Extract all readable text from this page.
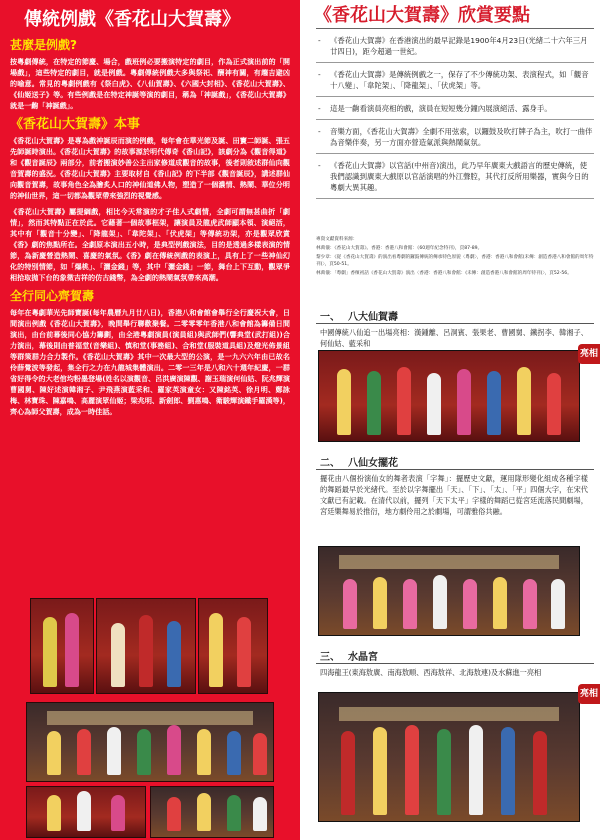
傳統例戲《香花山大賀壽》
甚麼是例戲?
按粵劇傳統，在特定的節慶、場合，戲班例必要搬演特定的劇目，作為正式演出前的「開場戲」，這些特定的劇目，就是例戲。粵劇傳統例戲大多與祭祀、酬神有關，有趨吉避凶的喻意。常見的粵劇例戲有《祭白虎》、《八仙賀壽》、《六國大封相》、《香花山大賀壽》、《仙姬送子》等。有些例戲是在特定神誕等演的劇目，稱為「神誕戲」，《香花山大賀壽》就是一齣「神誕戲」。
《香花山大賀壽》本事
《香花山大賀壽》是專為戲神誕辰而演的例戲，每年會在華光節及誕、田竇二師誕、張五先師誕時演出。《香花山大賀壽》的故事源於明代傳奇《香山記》，該劇分為《觀音得道》和《觀音誕辰》兩部分，前者搬演妙善公主出家修道成觀音的故事，後者則敘述群仙向觀音賀壽的盛況。《香花山大賀壽》主要取材自《香山記》的下半部《觀音誕辰》，講述群仙向觀音賀壽，故事角色全為膾炙人口的神仙道佛人物，塑造了一個濃情、熱鬧、華位分明的神仙世界，這一切都為觀眾帶來強烈的視覺感。
《香花山大賀壽》屬提綱戲，相比今天常演的才子佳人式劇情，全劇可謂無甚曲折「劇情」，然而其特點正在於此。它藉著一個故事框架，讓演員及龍虎武師顯本領、演絕活，其中有「觀音十分變」、「降龍架」、「韋陀架」、「伏虎架」等傳統功架，亦是觀眾欣賞《香》劇的焦點所在。全劇原本演出五小時，是典型例戲演法，目的是透過多樣表演的情節，為新慶營造熱鬧、喜慶的氣氛。《香》劇在傳統例戲的表演上，具有上了一些神仙幻化的特別情節，如「爆桃」、「灑金錢」等，其中「灑金錢」一節，舞台上下互動，觀眾爭相拾取拋下台的象徵吉祥的仿古錢幣，為全劇的熱鬧氣氛帶來高潮。
全行同心齊賀壽
每年在粵劇華光先師寶誕(每年農曆九月廿八日)，香港八和會館會舉行全行慶祝大會，日間演出例戲《香花山大賀壽》，晚間舉行聯歡聚餐。二零零零年香港八和會館為籌備日間演出，由台前幕後同心協力籌劃，由全港粵劇演員(演員組)與武師們(響典堂(武打組))合力演出，幕後則由普福堂(音樂組)、慎和堂(事務組)、合和堂(服裝道具組)及燈光佈景組等群策群力合力製作。《香花山大賀壽》其中一次最大型的公演，是一九六六年由已故名伶薛覺波等發起，集全行之力在九龍城集體演出。二零一三年是八和六十週年紀慶，一群省好得令的大老倌均粉墨登場(姓名以演觀音、呂洪廣演陳觀、謝玉瑞演何仙姑、阮兆輝演曹國舅、陳好述演韓湘子、尹飛燕演藍采和、羅家英演童女：又陳銘英、徐月明、鄭詠梅、林寶珠、陳嘉鳴、高麗演眾仙姬；梁兆明、新劍郎、劉惠鳴、衛駿輝演鐵手羅漢等)，齊心為師父賀壽，成為一時佳話。
《香花山大賀壽》欣賞要點
- 《香花山大賀壽》在香港演出的最早記錄是1900年4月23日(光緒二十六年三月廿四日)，距今超過一世紀。
- 《香花山大賀壽》是傳統例戲之一，保存了不少傳統功架、表演程式，如「觀音十八變」、「韋陀架」、「降龍架」、「伏虎架」等。
- 這是一齣看演員亮相的戲，演員在短短幾分鐘內展演絕活、露身手。
- 音樂方面，《香花山大賀壽》全劇不用弦索，以鑼鼓及吹打牌子為主，吹打一曲伴為音樂伴奏，另一方面亦營造氣派與熱鬧氣氛。
- 《香花山大賀壽》以官話(中州音)演出，此乃早年廣東大戲語言的歷史傳統，使我們認識到廣東大戲原以官話演唱的外江聲腔，其代打反所用樂器，實與今日的粵劇大異其趣。
專資文獻資料來源：
林萬儀：《香花山大賀壽》。香港：香港八和會館：《60週年紀念特刊》，頁87-89。
黎少章：《從《香花山大賀壽》的演出看粵劇的鑼鼓傳統的傳承特色原貌〈粵劇〉，香港：香港八和會館(未傳：創造香港八和會館的周年特刊)〉，頁50-51。
林萬儀：「粵劇」香檳初話《香花山大賀壽》演出〈香港：香港八和會館：(未傳：創造香港八和會館的周年特刊)〉，頁52-56。
一、 八大仙賀壽
中國傳統八仙追一出場亮相：漢鍾離、呂洞賓、張果老、曹國舅、鐵拐李、韓湘子、何仙姑、藍采和
亮相
二、 八仙女擺花
擺花由八個扮演仙女的舞者表演「字舞」：擺歷史文獻，運用隊形變化組成各種字樣的舞蹈最早於光緒代。至於以字舞擺出「天」、「下」、「太」、「平」四個大字，在宋代文獻已有記載。在清代以前，擺列「天下太平」字樣的舞蹈已從宮廷流落民間劇場，宮廷樂舞易於推衍，地方劇伶用之於劇場，可謂雅俗共融。
三、 水晶宮
四海龍王(東海敖廣、南海敖順、西海敖祥、北海敖連)及水蘇進一亮相
亮相
